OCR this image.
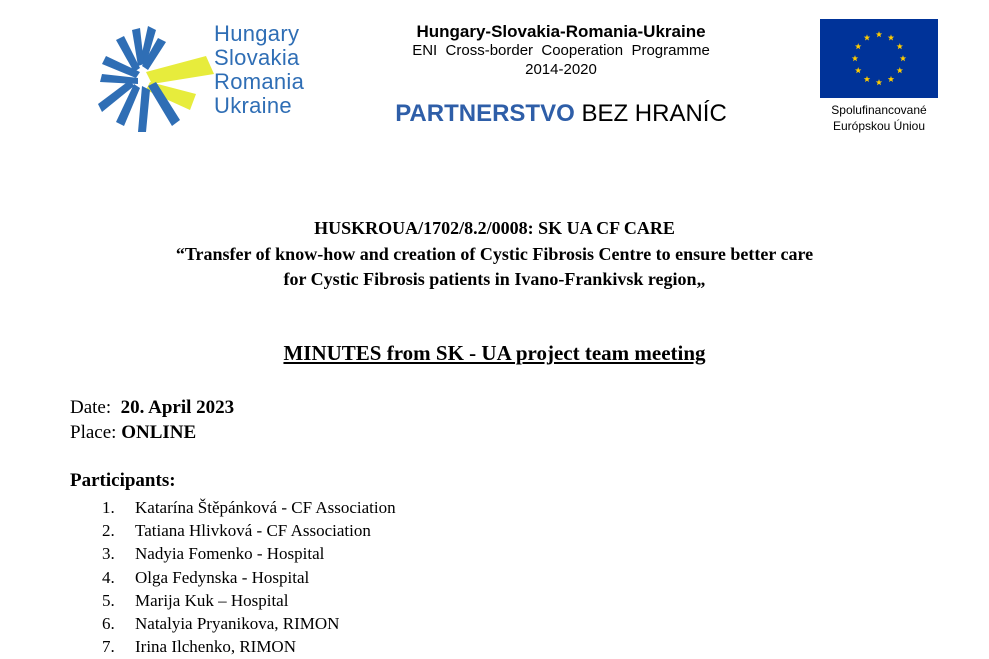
Hungary
Slovakia
Romania
Ukraine
Hungary-Slovakia-Romania-Ukraine
ENI  Cross-border  Cooperation  Programme
2014-2020
PARTNERSTVO BEZ HRANÍC	Spolufinancované
Európskou Úniou
HUSKROUA/1702/8.2/0008: SK UA CF CARE
“Transfer of know-how and creation of Cystic Fibrosis Centre to ensure better care
for Cystic Fibrosis patients in Ivano-Frankivsk region„
MINUTES from SK - UA project team meeting
Date: 20. April 2023
Place: ONLINE
Participants:
1. Katarína Štěpánková - CF Association
2. Tatiana Hlivková - CF Association
3. Nadyia Fomenko - Hospital
4. Olga Fedynska - Hospital
5. Marija Kuk – Hospital
6. Natalyia Pryanikova, RIMON
7. Irina Ilchenko, RIMON
